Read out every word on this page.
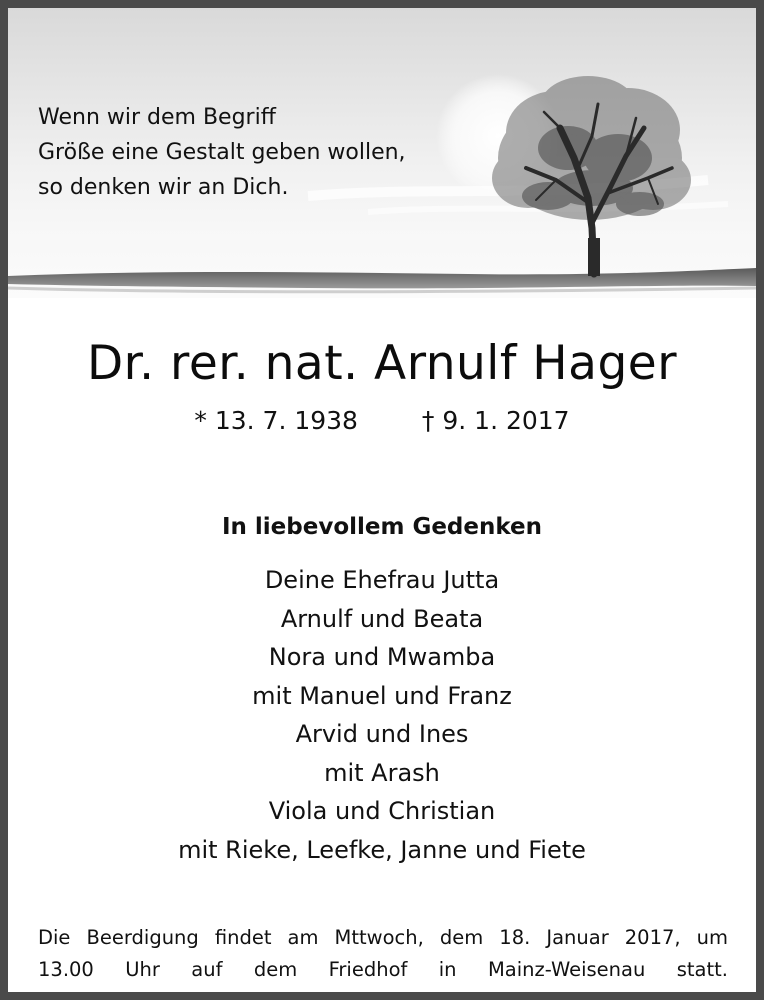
Wenn wir dem Begriff
Größe eine Gestalt geben wollen,
so denken wir an Dich.

Dr. rer. nat. Arnulf Hager
* 13. 7. 1938	† 9. 1. 2017
In liebevollem Gedenken
Deine Ehefrau Jutta
Arnulf und Beata
Nora und Mwamba
mit Manuel und Franz
Arvid und Ines
mit Arash
Viola und Christian
mit Rieke, Leefke, Janne und Fiete

Die Beerdigung findet am Mttwoch, dem 18. Januar 2017, um
13.00 Uhr auf dem Friedhof in Mainz-Weisenau statt.
